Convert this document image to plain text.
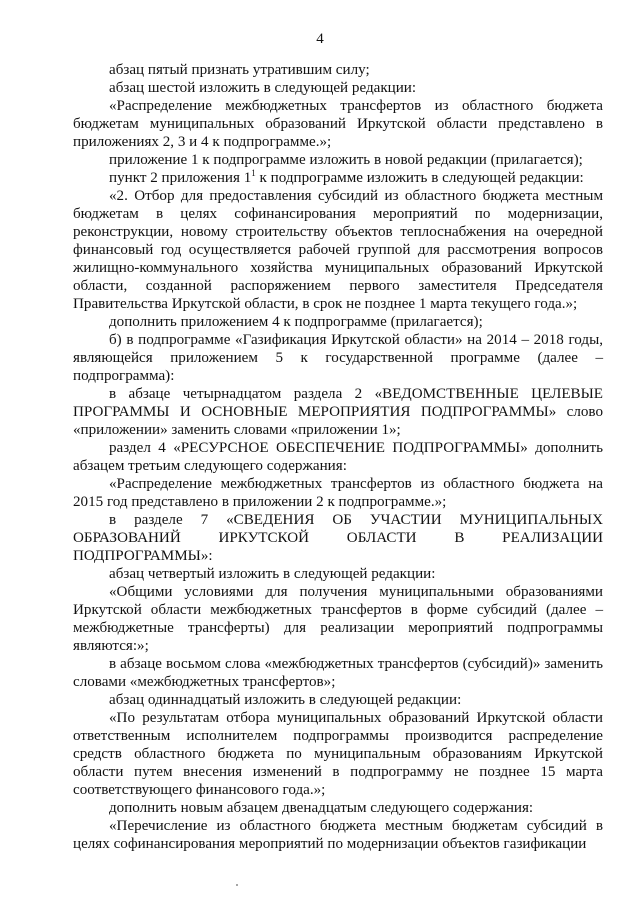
4

абзац пятый признать утратившим силу;

абзац шестой изложить в следующей редакции:

«Распределение межбюджетных трансфертов из областного бюджета бюджетам муниципальных образований Иркутской области представлено в приложениях 2, 3 и 4 к подпрограмме.»;

приложение 1 к подпрограмме изложить в новой редакции (прилагается);

пункт 2 приложения $1^1$ к подпрограмме изложить в следующей редакции:

«2. Отбор для предоставления субсидий из областного бюджета местным бюджетам в целях софинансирования мероприятий по модернизации, реконструкции, новому строительству объектов теплоснабжения на очередной финансовый год осуществляется рабочей группой для рассмотрения вопросов жилищно-коммунального хозяйства муниципальных образований Иркутской области, созданной распоряжением первого заместителя Председателя Правительства Иркутской области, в срок не позднее 1 марта текущего года.»;

дополнить приложением 4 к подпрограмме (прилагается);

б) в подпрограмме «Газификация Иркутской области» на 2014 – 2018 годы, являющейся приложением 5 к государственной программе (далее – подпрограмма):

в абзаце четырнадцатом раздела 2 «ВЕДОМСТВЕННЫЕ ЦЕЛЕВЫЕ ПРОГРАММЫ И ОСНОВНЫЕ МЕРОПРИЯТИЯ ПОДПРОГРАММЫ» слово «приложении» заменить словами «приложении 1»;

раздел 4 «РЕСУРСНОЕ ОБЕСПЕЧЕНИЕ ПОДПРОГРАММЫ» дополнить абзацем третьим следующего содержания:

«Распределение межбюджетных трансфертов из областного бюджета на 2015 год представлено в приложении 2 к подпрограмме.»;

в разделе 7 «СВЕДЕНИЯ ОБ УЧАСТИИ МУНИЦИПАЛЬНЫХ ОБРАЗОВАНИЙ ИРКУТСКОЙ ОБЛАСТИ В РЕАЛИЗАЦИИ ПОДПРОГРАММЫ»:

абзац четвертый изложить в следующей редакции:

«Общими условиями для получения муниципальными образованиями Иркутской области межбюджетных трансфертов в форме субсидий (далее – межбюджетные трансферты) для реализации мероприятий подпрограммы являются:»;

в абзаце восьмом слова «межбюджетных трансфертов (субсидий)» заменить словами «межбюджетных трансфертов»;

абзац одиннадцатый изложить в следующей редакции:

«По результатам отбора муниципальных образований Иркутской области ответственным исполнителем подпрограммы производится распределение средств областного бюджета по муниципальным образованиям Иркутской области путем внесения изменений в подпрограмму не позднее 15 марта соответствующего финансового года.»;

дополнить новым абзацем двенадцатым следующего содержания:

«Перечисление из областного бюджета местным бюджетам субсидий в целях софинансирования мероприятий по модернизации объектов газификации
